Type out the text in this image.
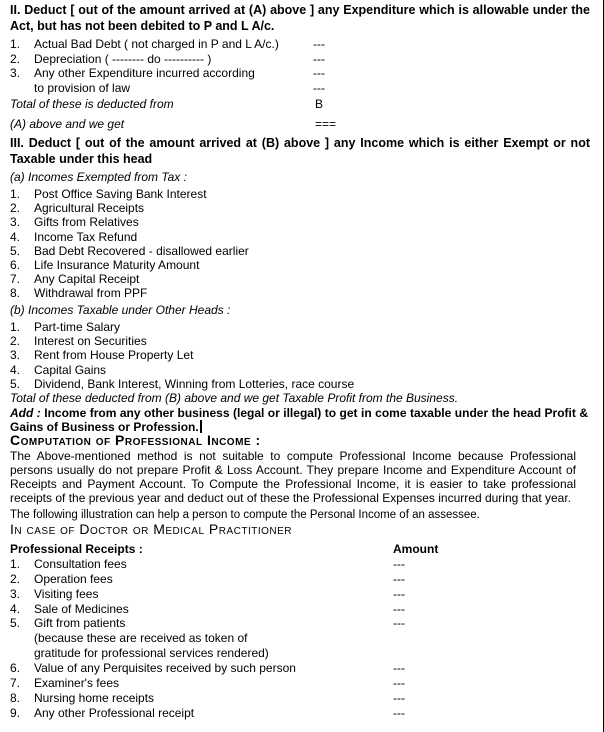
II. Deduct [ out of the amount arrived at (A) above ] any Expenditure which is allowable under the Act, but has not been debited to P and L A/c.
1. Actual Bad Debt ( not charged in P and L A/c.)	---
2. Depreciation ( -------- do ---------- )	---
3. Any other Expenditure incurred according	---
to provision of law	---
Total of these is deducted from	B
(A) above and we get	===
III. Deduct [ out of the amount arrived at (B) above ] any Income which is either Exempt or not Taxable under this head
(a) Incomes Exempted from Tax :
1. Post Office Saving Bank Interest
2. Agricultural Receipts
3. Gifts from Relatives
4. Income Tax Refund
5. Bad Debt Recovered - disallowed earlier
6. Life Insurance Maturity Amount
7. Any Capital Receipt
8. Withdrawal from PPF
(b) Incomes Taxable under Other Heads :
1. Part-time Salary
2. Interest on Securities
3. Rent from House Property Let
4. Capital Gains
5. Dividend, Bank Interest, Winning from Lotteries, race course
Total of these deducted from (B) above and we get Taxable Profit from the Business.
Add : Income from any other business (legal or illegal) to get in come taxable under the head Profit & Gains of Business or Profession.
Computation of Professional Income :
The Above-mentioned method is not suitable to compute Professional Income because Professional persons usually do not prepare Profit & Loss Account. They prepare Income and Expenditure Account of Receipts and Payment Account. To Compute the Professional Income, it is easier to take professional receipts of the previous year and deduct out of these the Professional Expenses incurred during that year.
The following illustration can help a person to compute the Personal Income of an assessee.
In case of Doctor or Medical Practitioner
Professional Receipts :	Amount
1. Consultation fees	---
2. Operation fees	---
3. Visiting fees	---
4. Sale of Medicines	---
5. Gift from patients	---
(because these are received as token of
gratitude for professional services rendered)
6. Value of any Perquisites received by such person	---
7. Examiner's fees	---
8. Nursing home receipts	---
9. Any other Professional receipt	---
